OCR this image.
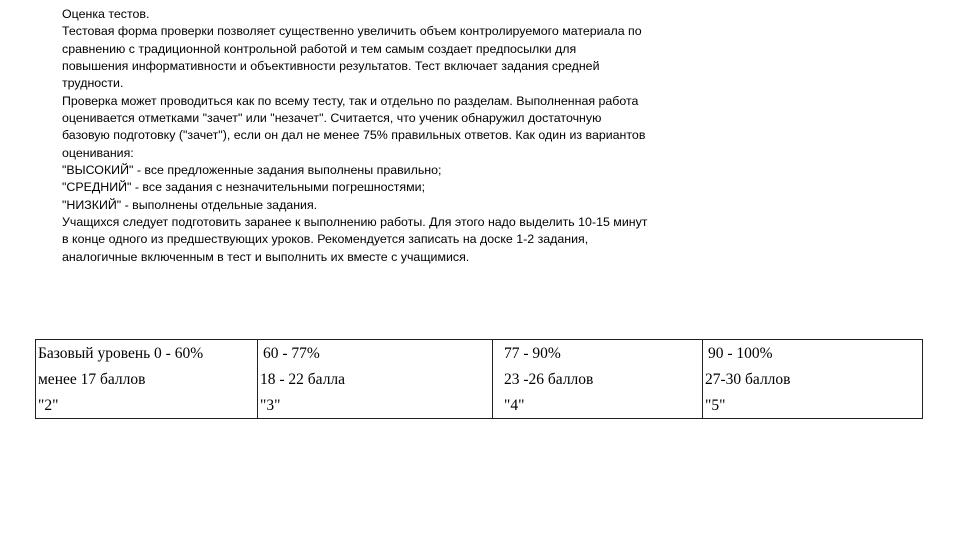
Оценка тестов.
Тестовая форма проверки позволяет существенно увеличить объем контролируемого материала по
сравнению с традиционной контрольной работой и тем самым создает предпосылки для
повышения информативности и объективности результатов. Тест включает задания средней
трудности.
Проверка может проводиться как по всему тесту, так и отдельно по разделам. Выполненная работа
оценивается отметками "зачет" или "незачет". Считается, что ученик обнаружил достаточную
базовую подготовку ("зачет"), если он дал не менее 75% правильных ответов. Как один из вариантов
оценивания:
"ВЫСОКИЙ" - все предложенные задания выполнены правильно;
"СРЕДНИЙ" - все задания с незначительными погрешностями;
"НИЗКИЙ" - выполнены отдельные задания.
Учащихся следует подготовить заранее к выполнению работы. Для этого надо выделить 10-15 минут
в конце одного из предшествующих уроков. Рекомендуется записать на доске 1-2 задания,
аналогичные включенным в тест и выполнить их вместе с учащимися.
Базовый уровень 0 - 60%
менее 17 баллов
"2"

60 - 77%
18 - 22 балла
"3"

77 - 90%
23 -26 баллов
"4"

90 - 100%
27-30 баллов
"5"
